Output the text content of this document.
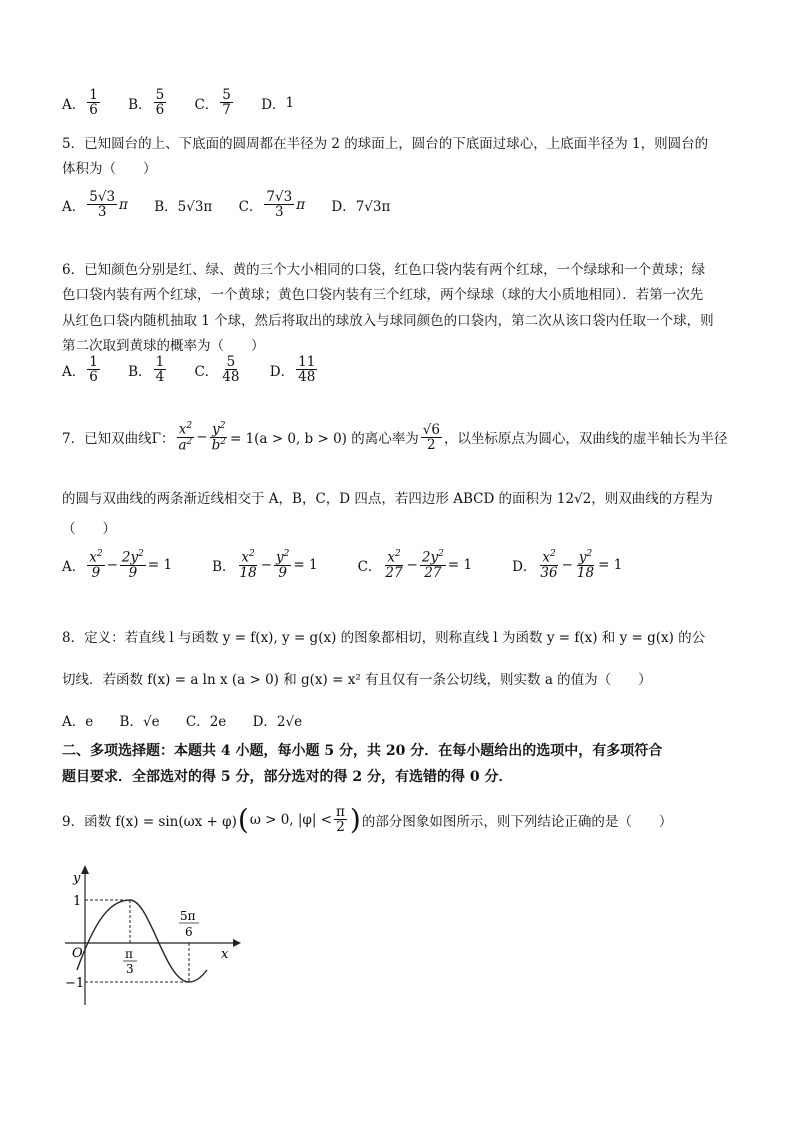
A． $\frac{1}{6}$
B． $\frac{5}{6}$
C． $\frac{5}{7}$
D． 1
5．已知圆台的上、下底面的圆周都在半径为 2 的球面上，圆台的下底面过球心，上底面半径为 1，则圆台的
体积为（　　）
A． $\frac{5√3}{3}$ π B．5√3π C． $\frac{7√3}{3}$ π D．7√3π
6．已知颜色分别是红、绿、黄的三个大小相同的口袋，红色口袋内装有两个红球，一个绿球和一个黄球；绿
色口袋内装有两个红球，一个黄球；黄色口袋内装有三个红球，两个绿球（球的大小质地相同）．若第一次先
从红色口袋内随机抽取 1 个球，然后将取出的球放入与球同颜色的口袋内，第二次从该口袋内任取一个球，则
第二次取到黄球的概率为（　　）
A． $\frac{1}{6}$
B． $\frac{1}{4}$
C． $\frac{5}{48}$
D． $\frac{11}{48}$
7．已知双曲线Γ： $\frac{x^2}{a^2} - \frac{y^2}{b^2} = 1(a > 0$, b > 0) 的离心率为 $\frac{√6}{2}$ ，以坐标原点为圆心，双曲线的虚半轴长为半径
的圆与双曲线的两条渐近线相交于 A，B，C，D 四点，若四边形 ABCD 的面积为 12√2，则双曲线的方程为
（　　）
A． $\frac{x^2}{9} - \frac{2y^2}{9} = 1$	B． $\frac{x^2}{18} - \frac{y^2}{9} = 1$	C． $\frac{x^2}{27} - \frac{2y^2}{27} = 1$	D． $\frac{x^2}{36} - \frac{y^2}{18} = 1$
8．定义：若直线 l 与函数 y = f(x), y = g(x) 的图象都相切，则称直线 l 为函数 y = f(x) 和 y = g(x) 的公
切线．若函数 f(x) = a ln x (a > 0) 和 g(x) = x² 有且仅有一条公切线，则实数 a 的值为（　　）
A．e B．√e C．2e D．2√e
二、多项选择题：本题共 4 小题，每小题 5 分，共 20 分．在每小题给出的选项中，有多项符合
题目要求．全部选对的得 5 分，部分选对的得 2 分，有选错的得 0 分．
9．函数 f(x) = sin(ωx + φ) ( ω > 0, $|\varphi| < \frac{\pi}{2}$ ) 的部分图象如图所示，则下列结论正确的是（　　）
y
x
O
1
−1
π
3
5π
6
